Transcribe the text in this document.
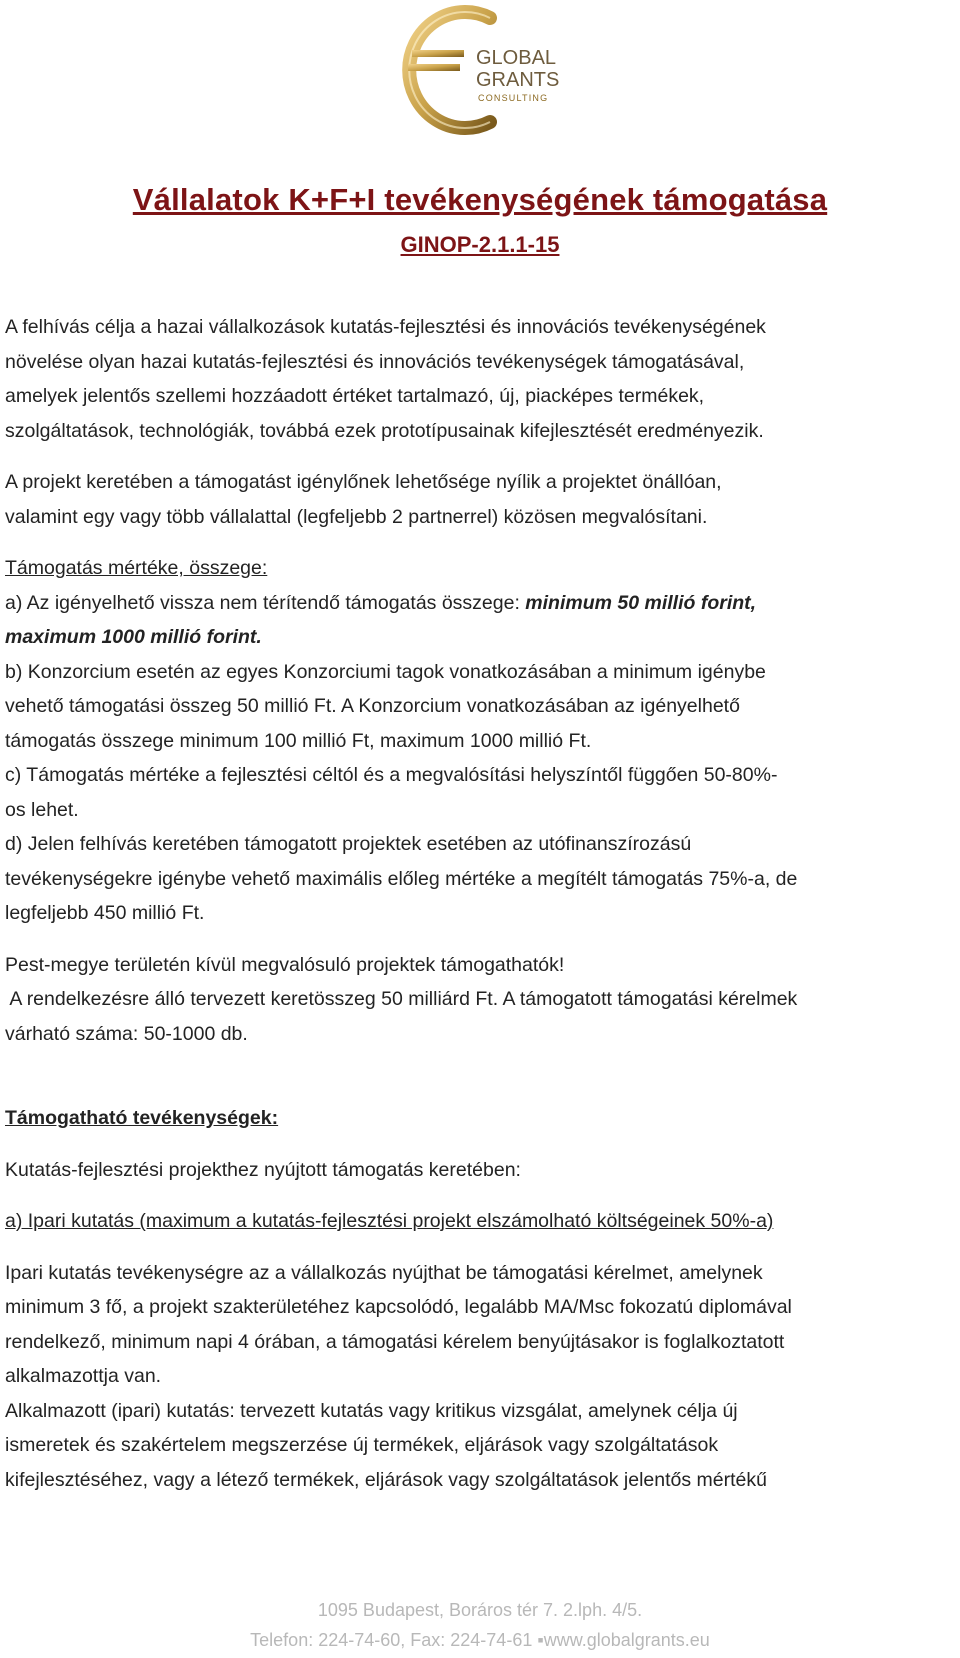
GLOBAL
GRANTS
CONSULTING
Vállalatok K+F+I tevékenységének támogatása
GINOP-2.1.1-15

A felhívás célja a hazai vállalkozások kutatás-fejlesztési és innovációs tevékenységének

növelése olyan hazai kutatás-fejlesztési és innovációs tevékenységek támogatásával,

amelyek jelentős szellemi hozzáadott értéket tartalmazó, új, piacképes termékek,

szolgáltatások, technológiák, továbbá ezek prototípusainak kifejlesztését eredményezik.

A projekt keretében a támogatást igénylőnek lehetősége nyílik a projektet önállóan,

valamint egy vagy több vállalattal (legfeljebb 2 partnerrel) közösen megvalósítani.

Támogatás mértéke, összege:

a) Az igényelhető vissza nem térítendő támogatás összege: minimum 50 millió forint,

maximum 1000 millió forint.

b) Konzorcium esetén az egyes Konzorciumi tagok vonatkozásában a minimum igénybe

vehető támogatási összeg 50 millió Ft. A Konzorcium vonatkozásában az igényelhető

támogatás összege minimum 100 millió Ft, maximum 1000 millió Ft.

c) Támogatás mértéke a fejlesztési céltól és a megvalósítási helyszíntől függően 50-80%-

os lehet.

d) Jelen felhívás keretében támogatott projektek esetében az utófinanszírozású

tevékenységekre igénybe vehető maximális előleg mértéke a megítélt támogatás 75%-a, de

legfeljebb 450 millió Ft.

Pest-megye területén kívül megvalósuló projektek támogathatók!

A rendelkezésre álló tervezett keretösszeg 50 milliárd Ft. A támogatott támogatási kérelmek

várható száma: 50-1000 db.

Támogatható tevékenységek:

Kutatás-fejlesztési projekthez nyújtott támogatás keretében:

a) Ipari kutatás (maximum a kutatás-fejlesztési projekt elszámolható költségeinek 50%-a)

Ipari kutatás tevékenységre az a vállalkozás nyújthat be támogatási kérelmet, amelynek

minimum 3 fő, a projekt szakterületéhez kapcsolódó, legalább MA/Msc fokozatú diplomával

rendelkező, minimum napi 4 órában, a támogatási kérelem benyújtásakor is foglalkoztatott

alkalmazottja van.

Alkalmazott (ipari) kutatás: tervezett kutatás vagy kritikus vizsgálat, amelynek célja új

ismeretek és szakértelem megszerzése új termékek, eljárások vagy szolgáltatások

kifejlesztéséhez, vagy a létező termékek, eljárások vagy szolgáltatások jelentős mértékű

1095 Budapest, Boráros tér 7. 2.lph. 4/5.
Telefon: 224-74-60, Fax: 224-74-61 ▪www.globalgrants.eu
